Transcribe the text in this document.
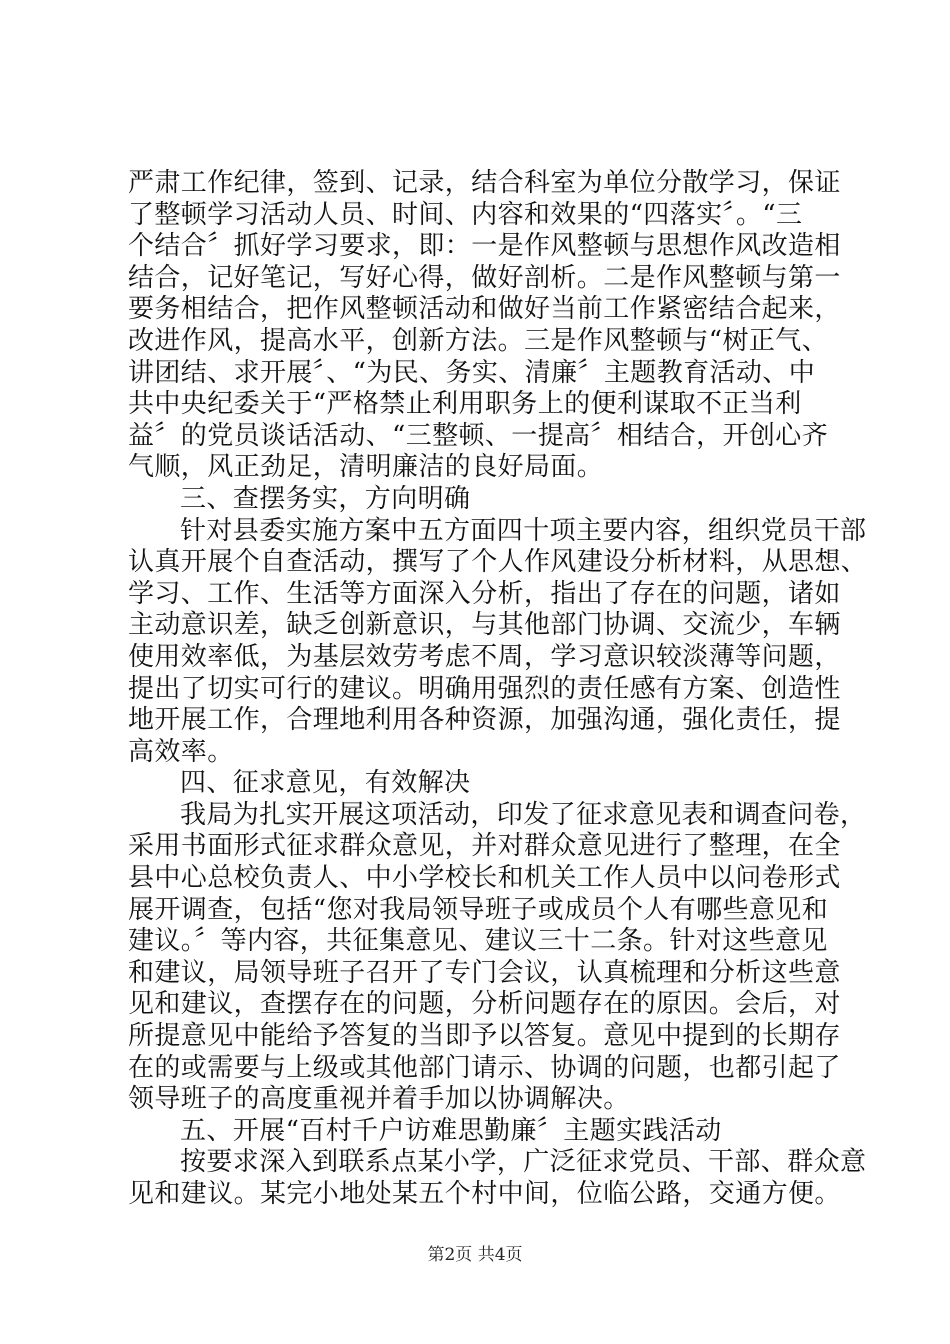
严肃工作纪律，签到、记录，结合科室为单位分散学习，保证
了整顿学习活动人员、时间、内容和效果的“四落实〞。“三
个结合〞抓好学习要求，即：一是作风整顿与思想作风改造相
结合，记好笔记，写好心得，做好剖析。二是作风整顿与第一
要务相结合，把作风整顿活动和做好当前工作紧密结合起来，
改进作风，提高水平，创新方法。三是作风整顿与“树正气、
讲团结、求开展〞、“为民、务实、清廉〞主题教育活动、中
共中央纪委关于“严格禁止利用职务上的便利谋取不正当利
益〞的党员谈话活动、“三整顿、一提高〞相结合，开创心齐
气顺，风正劲足，清明廉洁的良好局面。
三、查摆务实，方向明确
针对县委实施方案中五方面四十项主要内容，组织党员干部
认真开展个自查活动，撰写了个人作风建设分析材料，从思想、
学习、工作、生活等方面深入分析，指出了存在的问题，诸如
主动意识差，缺乏创新意识，与其他部门协调、交流少，车辆
使用效率低，为基层效劳考虑不周，学习意识较淡薄等问题，
提出了切实可行的建议。明确用强烈的责任感有方案、创造性
地开展工作，合理地利用各种资源，加强沟通，强化责任，提
高效率。
四、征求意见，有效解决
我局为扎实开展这项活动，印发了征求意见表和调查问卷，
采用书面形式征求群众意见，并对群众意见进行了整理，在全
县中心总校负责人、中小学校长和机关工作人员中以问卷形式
展开调查，包括“您对我局领导班子或成员个人有哪些意见和
建议。〞等内容，共征集意见、建议三十二条。针对这些意见
和建议，局领导班子召开了专门会议，认真梳理和分析这些意
见和建议，查摆存在的问题，分析问题存在的原因。会后，对
所提意见中能给予答复的当即予以答复。意见中提到的长期存
在的或需要与上级或其他部门请示、协调的问题，也都引起了
领导班子的高度重视并着手加以协调解决。
五、开展“百村千户访难思勤廉〞主题实践活动
按要求深入到联系点某小学，广泛征求党员、干部、群众意
见和建议。某完小地处某五个村中间，位临公路，交通方便。
第2页 共4页
